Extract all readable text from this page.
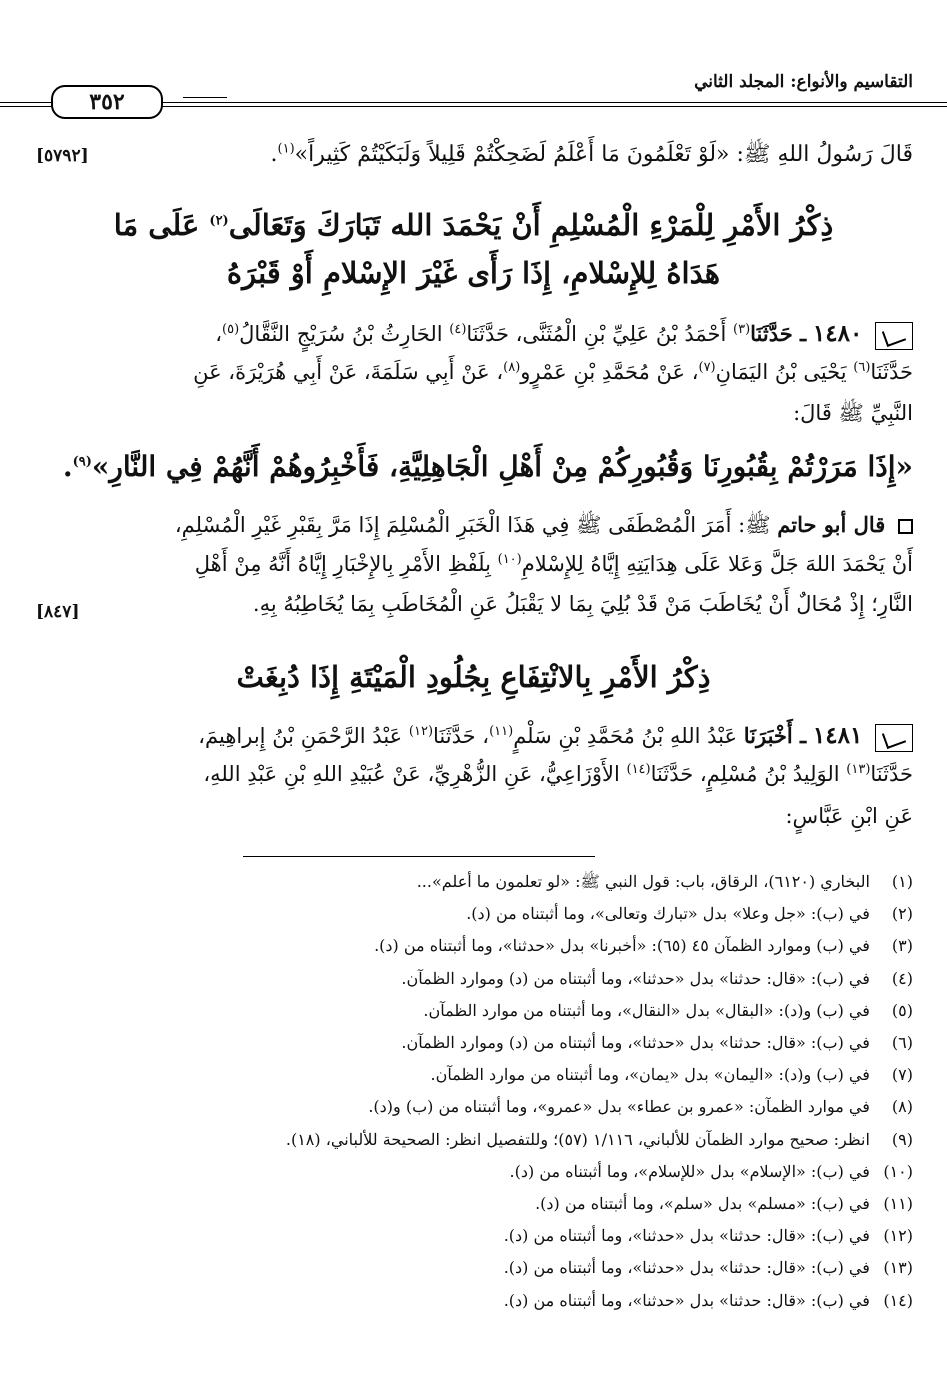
التقاسيم والأنواع: المجلد الثاني
٣٥٢
قَالَ رَسُولُ اللهِ ﷺ: «لَوْ تَعْلَمُونَ مَا أَعْلَمُ لَضَحِكْتُمْ قَلِيلاً وَلَبَكَيْتُمْ كَثِيراً»$^{(١)}$.
[٥٧٩٢]
ذِكْرُ الأَمْرِ لِلْمَرْءِ الْمُسْلِمِ أَنْ يَحْمَدَ الله تَبَارَكَ وَتَعَالَى$^{(٢)}$ عَلَى مَا
هَدَاهُ لِلإِسْلامِ، إِذَا رَأَى غَيْرَ الإِسْلامِ أَوْ قَبْرَهُ
١٤٨٠ ـ حَدَّثَنَا$^{(٣)}$ أَحْمَدُ بْنُ عَلِيِّ بْنِ الْمُثَنَّى، حَدَّثَنَا$^{(٤)}$ الحَارِثُ بْنُ سُرَيْجٍ النَّقَّالُ$^{(٥)}$،
حَدَّثَنَا$^{(٦)}$ يَحْيَى بْنُ اليَمَانِ$^{(٧)}$، عَنْ مُحَمَّدِ بْنِ عَمْرٍو$^{(٨)}$، عَنْ أَبِي سَلَمَةَ، عَنْ أَبِي هُرَيْرَةَ، عَنِ
النَّبِيِّ ﷺ قَالَ:
«إِذَا مَرَرْتُمْ بِقُبُورِنَا وَقُبُورِكُمْ مِنْ أَهْلِ الْجَاهِلِيَّةِ، فَأَخْبِرُوهُمْ أَنَّهُمْ فِي النَّارِ»$^{(٩)}$.
قال أبو حاتم ﷺ: أَمَرَ الْمُصْطَفَى ﷺ فِي هَذَا الْخَبَرِ الْمُسْلِمَ إِذَا مَرَّ بِقَبْرِ غَيْرِ الْمُسْلِمِ،
أَنْ يَحْمَدَ اللهَ جَلَّ وَعَلا عَلَى هِدَايَتِهِ إِيَّاهُ لِلإِسْلامِ$^{(١٠)}$ بِلَفْظِ الأَمْرِ بِالإِخْبَارِ إِيَّاهُ أَنَّهُ مِنْ أَهْلِ
النَّارِ؛ إِذْ مُحَالٌ أَنْ يُخَاطَبَ مَنْ قَدْ بُلِيَ بِمَا لا يَقْبَلُ عَنِ الْمُخَاطَبِ بِمَا يُخَاطِبُهُ بِهِ.
[٨٤٧]
ذِكْرُ الأَمْرِ بِالانْتِفَاعِ بِجُلُودِ الْمَيْتَةِ إِذَا دُبِغَتْ
١٤٨١ ـ أَخْبَرَنَا عَبْدُ اللهِ بْنُ مُحَمَّدِ بْنِ سَلْمٍ$^{(١١)}$، حَدَّثَنَا$^{(١٢)}$ عَبْدُ الرَّحْمَنِ بْنُ إِبراهِيمَ،
حَدَّثَنَا$^{(١٣)}$ الوَلِيدُ بْنُ مُسْلِمٍ، حَدَّثَنَا$^{(١٤)}$ الأَوْزَاعِيُّ، عَنِ الزُّهْرِيِّ، عَنْ عُبَيْدِ اللهِ بْنِ عَبْدِ اللهِ،
عَنِ ابْنِ عَبَّاسٍ:
(١) البخاري (٦١٢٠)، الرقاق، باب: قول النبي ﷺ: «لو تعلمون ما أعلم»...
(٢) في (ب): «جل وعلا» بدل «تبارك وتعالى»، وما أثبتناه من (د).
(٣) في (ب) وموارد الظمآن ٤٥ (٦٥): «أخبرنا» بدل «حدثنا»، وما أثبتناه من (د).
(٤) في (ب): «قال: حدثنا» بدل «حدثنا»، وما أثبتناه من (د) وموارد الظمآن.
(٥) في (ب) و(د): «البقال» بدل «النقال»، وما أثبتناه من موارد الظمآن.
(٦) في (ب): «قال: حدثنا» بدل «حدثنا»، وما أثبتناه من (د) وموارد الظمآن.
(٧) في (ب) و(د): «اليمان» بدل «يمان»، وما أثبتناه من موارد الظمآن.
(٨) في موارد الظمآن: «عمرو بن عطاء» بدل «عمرو»، وما أثبتناه من (ب) و(د).
(٩) انظر: صحيح موارد الظمآن للألباني، ١/١١٦ (٥٧)؛ وللتفصيل انظر: الصحيحة للألباني، (١٨).
(١٠) في (ب): «الإسلام» بدل «للإسلام»، وما أثبتناه من (د).
(١١) في (ب): «مسلم» بدل «سلم»، وما أثبتناه من (د).
(١٢) في (ب): «قال: حدثنا» بدل «حدثنا»، وما أثبتناه من (د).
(١٣) في (ب): «قال: حدثنا» بدل «حدثنا»، وما أثبتناه من (د).
(١٤) في (ب): «قال: حدثنا» بدل «حدثنا»، وما أثبتناه من (د).
